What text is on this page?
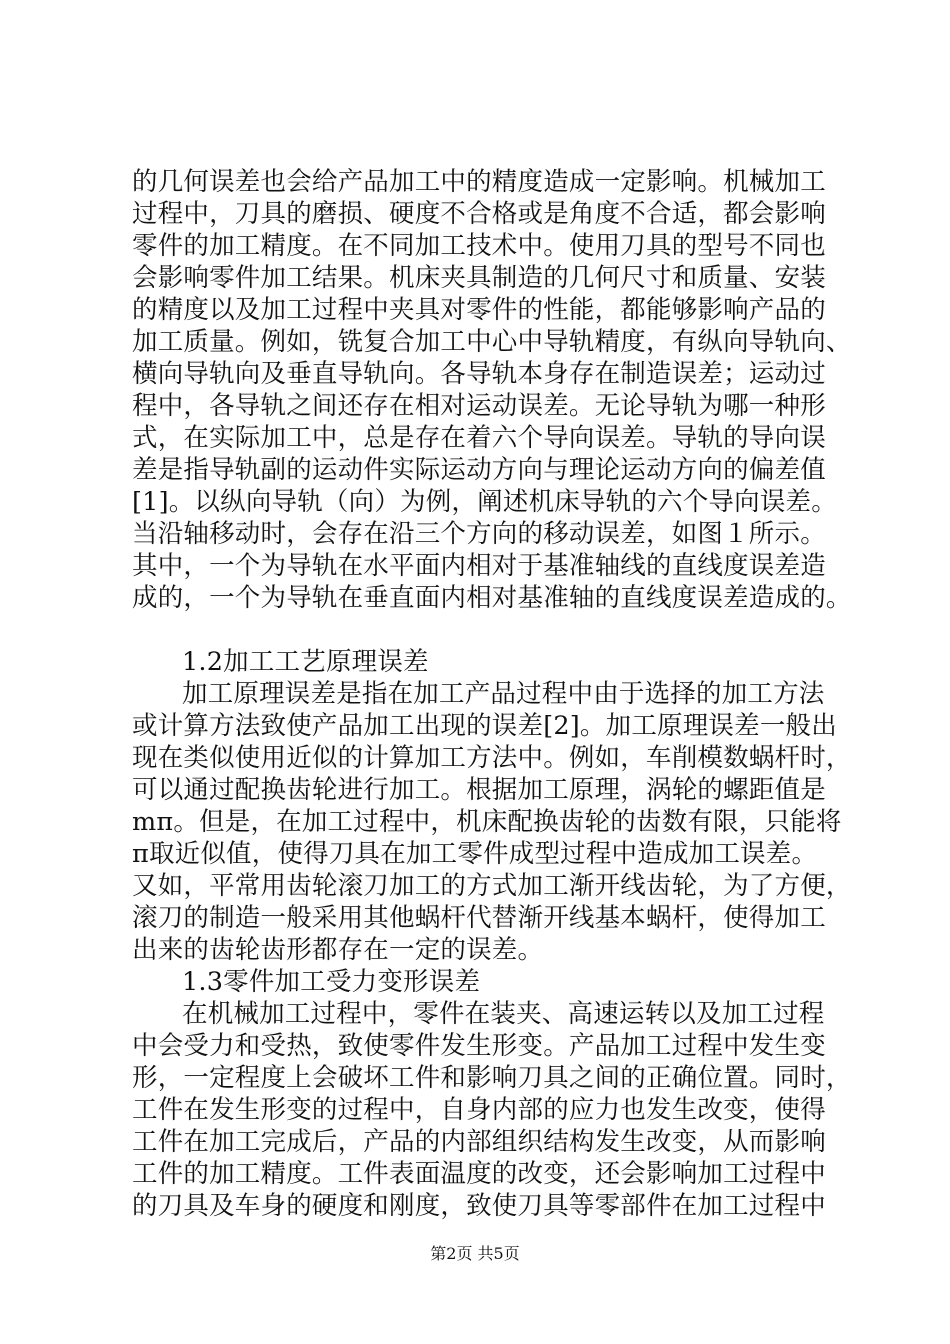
的几何误差也会给产品加工中的精度造成一定影响。机械加工
过程中，刀具的磨损、硬度不合格或是角度不合适，都会影响
零件的加工精度。在不同加工技术中。使用刀具的型号不同也
会影响零件加工结果。机床夹具制造的几何尺寸和质量、安装
的精度以及加工过程中夹具对零件的性能，都能够影响产品的
加工质量。例如，铣复合加工中心中导轨精度，有纵向导轨向、
横向导轨向及垂直导轨向。各导轨本身存在制造误差；运动过
程中，各导轨之间还存在相对运动误差。无论导轨为哪一种形
式，在实际加工中，总是存在着六个导向误差。导轨的导向误
差是指导轨副的运动件实际运动方向与理论运动方向的偏差值
[1]。以纵向导轨（向）为例，阐述机床导轨的六个导向误差。
当沿轴移动时，会存在沿三个方向的移动误差，如图１所示。
其中，一个为导轨在水平面内相对于基准轴线的直线度误差造
成的，一个为导轨在垂直面内相对基准轴的直线度误差造成的。
1.2加工工艺原理误差
加工原理误差是指在加工产品过程中由于选择的加工方法
或计算方法致使产品加工出现的误差[2]。加工原理误差一般出
现在类似使用近似的计算加工方法中。例如，车削模数蜗杆时，
可以通过配换齿轮进行加工。根据加工原理，涡轮的螺距值是
mπ。但是，在加工过程中，机床配换齿轮的齿数有限，只能将
π取近似值，使得刀具在加工零件成型过程中造成加工误差。
又如，平常用齿轮滚刀加工的方式加工渐开线齿轮，为了方便，
滚刀的制造一般采用其他蜗杆代替渐开线基本蜗杆，使得加工
出来的齿轮齿形都存在一定的误差。
1.3零件加工受力变形误差
在机械加工过程中，零件在装夹、高速运转以及加工过程
中会受力和受热，致使零件发生形变。产品加工过程中发生变
形，一定程度上会破坏工件和影响刀具之间的正确位置。同时，
工件在发生形变的过程中，自身内部的应力也发生改变，使得
工件在加工完成后，产品的内部组织结构发生改变，从而影响
工件的加工精度。工件表面温度的改变，还会影响加工过程中
的刀具及车身的硬度和刚度，致使刀具等零部件在加工过程中
第2页 共5页
